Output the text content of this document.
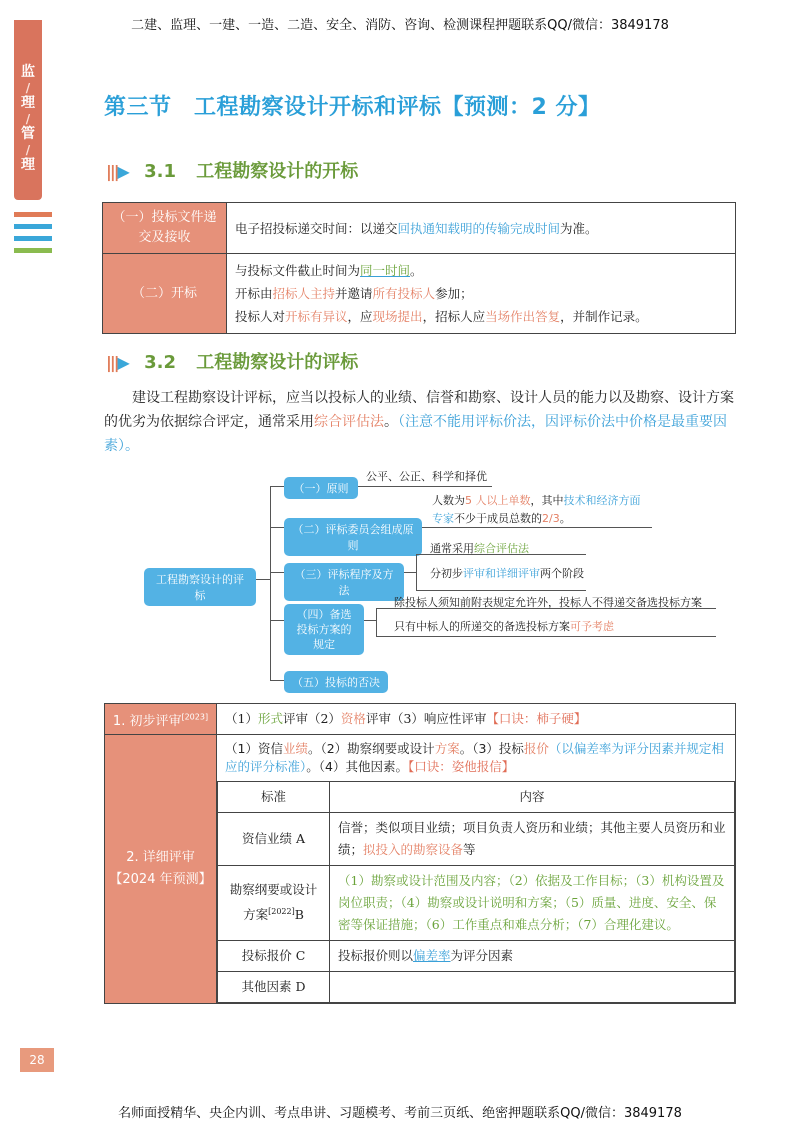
二建、监理、一建、一造、二造、安全、消防、咨询、检测课程押题联系QQ/微信：3849178
监
/
理
/
管
/
理
第三节　工程勘察设计开标和评标【预测：2 分】
|||▶ 3.1 工程勘察设计的开标
（一）投标文件递交及接收	电子招投标递交时间：以递交回执通知载明的传输完成时间为准。
（二）开标	与投标文件截止时间为同一时间。
开标由招标人主持并邀请所有投标人参加；
投标人对开标有异议，应现场提出，招标人应当场作出答复，并制作记录。
|||▶ 3.2 工程勘察设计的评标
建设工程勘察设计评标，应当以投标人的业绩、信誉和勘察、设计人员的能力以及勘察、设计方案的优劣为依据综合评定，通常采用综合评估法。（注意不能用评标价法，因评标价法中价格是最重要因素）。
工程勘察设计的评标
（一）原则
公平、公正、科学和择优
（二）评标委员会组成原则
人数为5 人以上单数，其中技术和经济方面
专家不少于成员总数的2/3。
（三）评标程序及方法
通常采用综合评估法
分初步评审和详细评审两个阶段
（四）备选投标方案的规定
除投标人须知前附表规定允许外，投标人不得递交备选投标方案
只有中标人的所递交的备选投标方案可予考虑
（五）投标的否决
1. 初步评审[2023]	（1）形式评审（2）资格评审（3）响应性评审【口诀：柿子硬】
2. 详细评审【2024 年预测】	
（1）资信业绩。（2）勘察纲要或设计方案。（3）投标报价（以偏差率为评分因素并规定相应的评分标准）。（4）其他因素。【口诀：姿他报信】
标准	内容
资信业绩 A	信誉；类似项目业绩；项目负责人资历和业绩；其他主要人员资历和业绩；拟投入的勘察设备等
勘察纲要或设计方案[2022]B	（1）勘察或设计范围及内容；（2）依据及工作目标；（3）机构设置及岗位职责；（4）勘察或设计说明和方案；（5）质量、进度、安全、保密等保证措施；（6）工作重点和难点分析；（7）合理化建议。
投标报价 C	投标报价则以偏差率为评分因素
其他因素 D	
28
名师面授精华、央企内训、考点串讲、习题模考、考前三页纸、绝密押题联系QQ/微信：3849178
